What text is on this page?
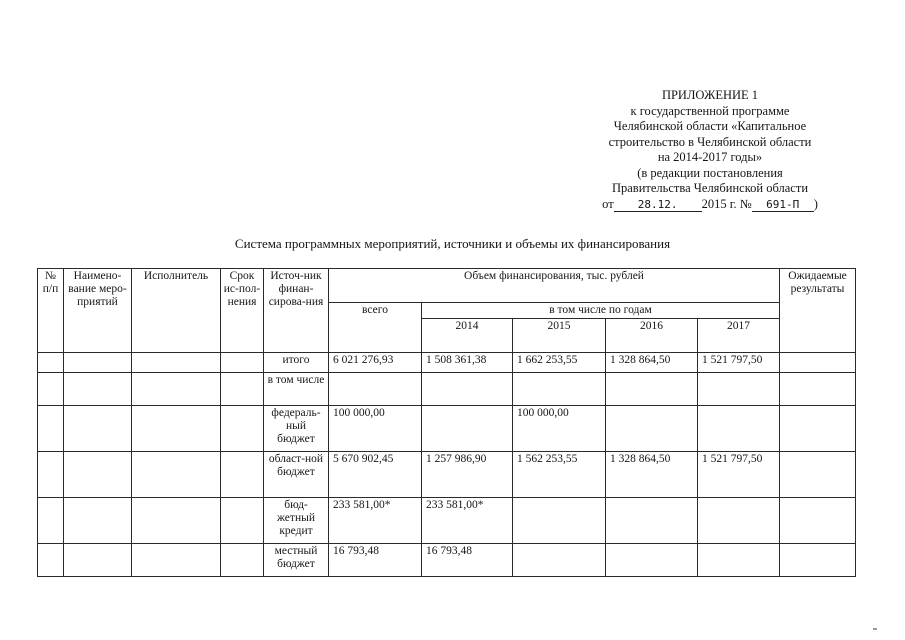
ПРИЛОЖЕНИЕ 1
к государственной программе
Челябинской области «Капитальное
строительство в Челябинской области
на 2014-2017 годы»
(в редакции постановления
Правительства Челябинской области
от 28.12. 2015 г. № 691-П )
Система программных мероприятий, источники и объемы их финансирования
№ п/п	Наимено-вание меро-приятий	Исполнитель	Срок ис-пол-нения	Источ-ник финан-сирова-ния	Объем финансирования, тыс. рублей					Ожидаемые результаты
					всего	в том числе по годам				
						2014	2015	2016	2017	
				итого	6 021 276,93	1 508 361,38	1 662 253,55	1 328 864,50	1 521 797,50	
				в том числе						
				федераль-ный бюджет	100 000,00		100 000,00			
				област-ной бюджет	5 670 902,45	1 257 986,90	1 562 253,55	1 328 864,50	1 521 797,50	
				бюд-жетный кредит	233 581,00*	233 581,00*				
				местный бюджет	16 793,48	16 793,48				
